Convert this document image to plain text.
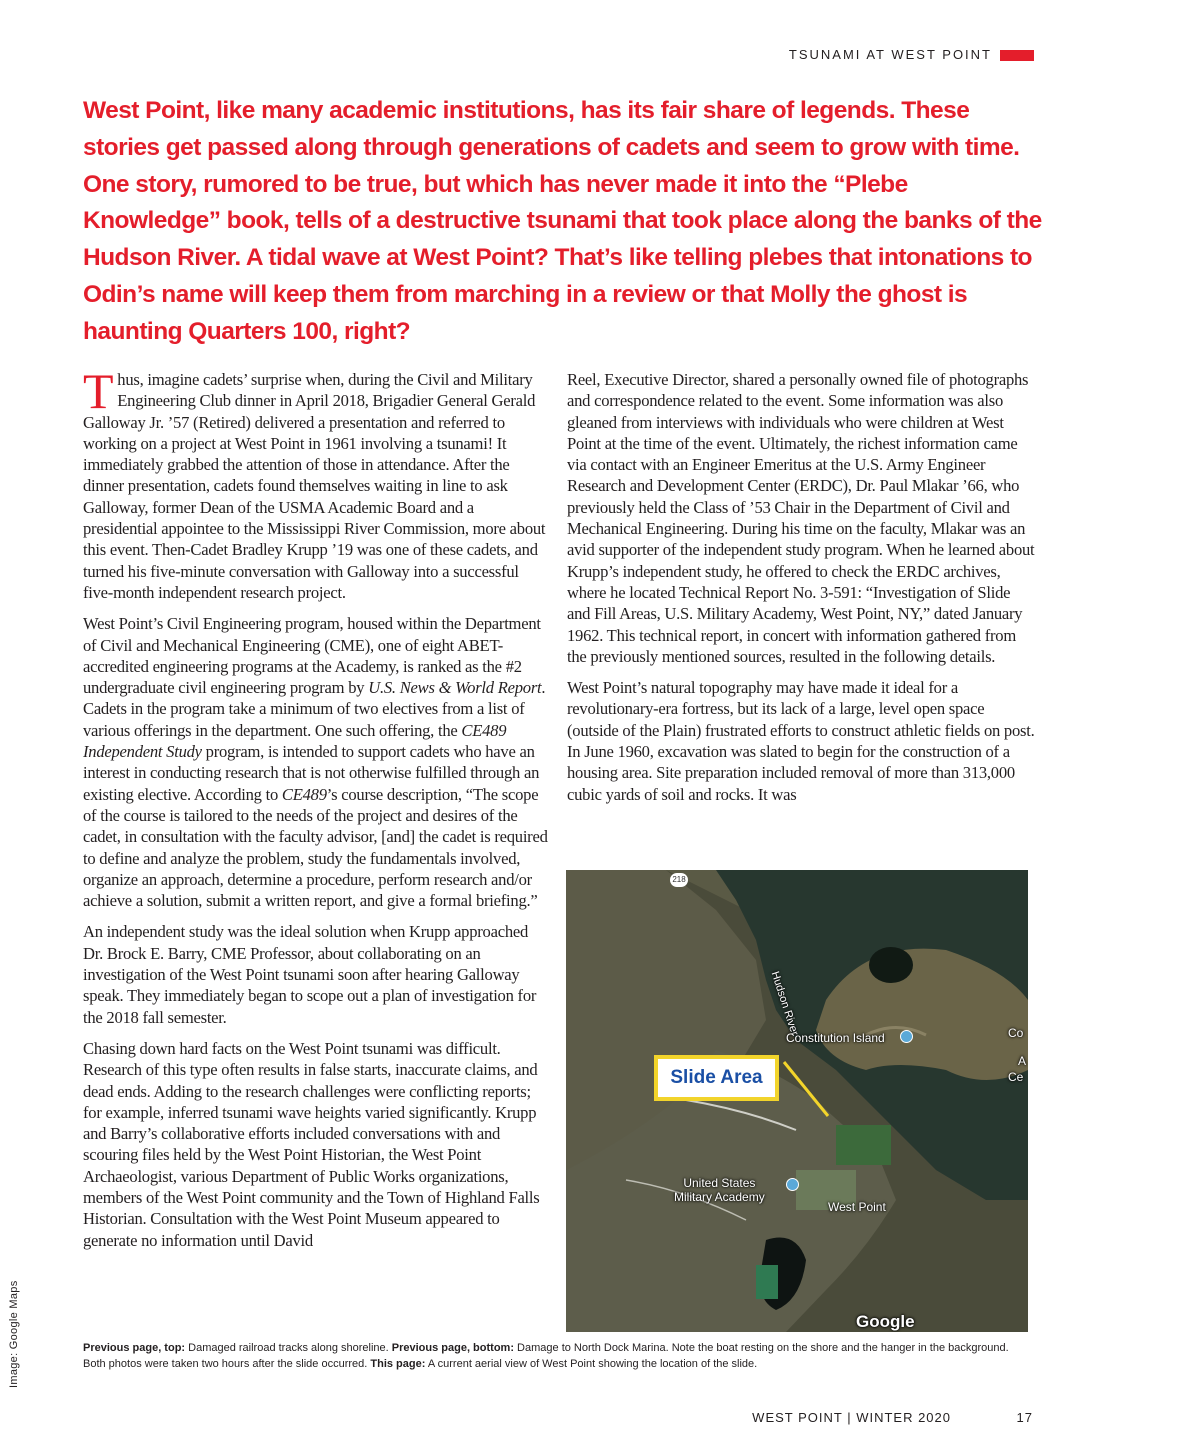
TSUNAMI AT WEST POINT

West Point, like many academic institutions, has its fair share of legends. These stories get passed along through generations of cadets and seem to grow with time. One story, rumored to be true, but which has never made it into the “Plebe Knowledge” book, tells of a destructive tsunami that took place along the banks of the Hudson River. A tidal wave at West Point? That’s like telling plebes that intonations to Odin’s name will keep them from marching in a review or that Molly the ghost is haunting Quarters 100, right?

Thus, imagine cadets’ surprise when, during the Civil and Military Engineering Club dinner in April 2018, Brigadier General Gerald Galloway Jr. ’57 (Retired) delivered a presentation and referred to working on a project at West Point in 1961 involving a tsunami! It immediately grabbed the attention of those in attendance. After the dinner presentation, cadets found themselves waiting in line to ask Galloway, former Dean of the USMA Academic Board and a presidential appointee to the Mississippi River Commission, more about this event. Then-Cadet Bradley Krupp ’19 was one of these cadets, and turned his five-minute conversation with Galloway into a successful five-month independent research project.

West Point’s Civil Engineering program, housed within the Department of Civil and Mechanical Engineering (CME), one of eight ABET-accredited engineering programs at the Academy, is ranked as the #2 undergraduate civil engineering program by U.S. News & World Report. Cadets in the program take a minimum of two electives from a list of various offerings in the department. One such offering, the CE489 Independent Study program, is intended to support cadets who have an interest in conducting research that is not otherwise fulfilled through an existing elective. According to CE489’s course description, “The scope of the course is tailored to the needs of the project and desires of the cadet, in consultation with the faculty advisor, [and] the cadet is required to define and analyze the problem, study the fundamentals involved, organize an approach, determine a procedure, perform research and/or achieve a solution, submit a written report, and give a formal briefing.”

An independent study was the ideal solution when Krupp approached Dr. Brock E. Barry, CME Professor, about collaborating on an investigation of the West Point tsunami soon after hearing Galloway speak. They immediately began to scope out a plan of investigation for the 2018 fall semester.

Chasing down hard facts on the West Point tsunami was difficult. Research of this type often results in false starts, inaccurate claims, and dead ends. Adding to the research challenges were conflicting reports; for example, inferred tsunami wave heights varied significantly. Krupp and Barry’s collaborative efforts included conversations with and scouring files held by the West Point Historian, the West Point Archaeologist, various Department of Public Works organizations, members of the West Point community and the Town of Highland Falls Historian. Consultation with the West Point Museum appeared to generate no information until David

Reel, Executive Director, shared a personally owned file of photographs and correspondence related to the event. Some information was also gleaned from interviews with individuals who were children at West Point at the time of the event. Ultimately, the richest information came via contact with an Engineer Emeritus at the U.S. Army Engineer Research and Development Center (ERDC), Dr. Paul Mlakar ’66, who previously held the Class of ’53 Chair in the Department of Civil and Mechanical Engineering. During his time on the faculty, Mlakar was an avid supporter of the independent study program. When he learned about Krupp’s independent study, he offered to check the ERDC archives, where he located Technical Report No. 3-591: “Investigation of Slide and Fill Areas, U.S. Military Academy, West Point, NY,” dated January 1962. This technical report, in concert with information gathered from the previously mentioned sources, resulted in the following details.

West Point’s natural topography may have made it ideal for a revolutionary-era fortress, but its lack of a large, level open space (outside of the Plain) frustrated efforts to construct athletic fields on post. In June 1960, excavation was slated to begin for the construction of a housing area. Site preparation included removal of more than 313,000 cubic yards of soil and rocks. It was

Slide Area
218
Hudson River
Constitution Island
United States
Military Academy
West Point
Co
A
Ce
Google
Image: Google Maps	Previous page, top: Damaged railroad tracks along shoreline. Previous page, bottom: Damage to North Dock Marina. Note the boat resting on the shore and the hanger in the background. Both photos were taken two hours after the slide occurred. This page: A current aerial view of West Point showing the location of the slide.

WEST POINT | WINTER 2020	17
